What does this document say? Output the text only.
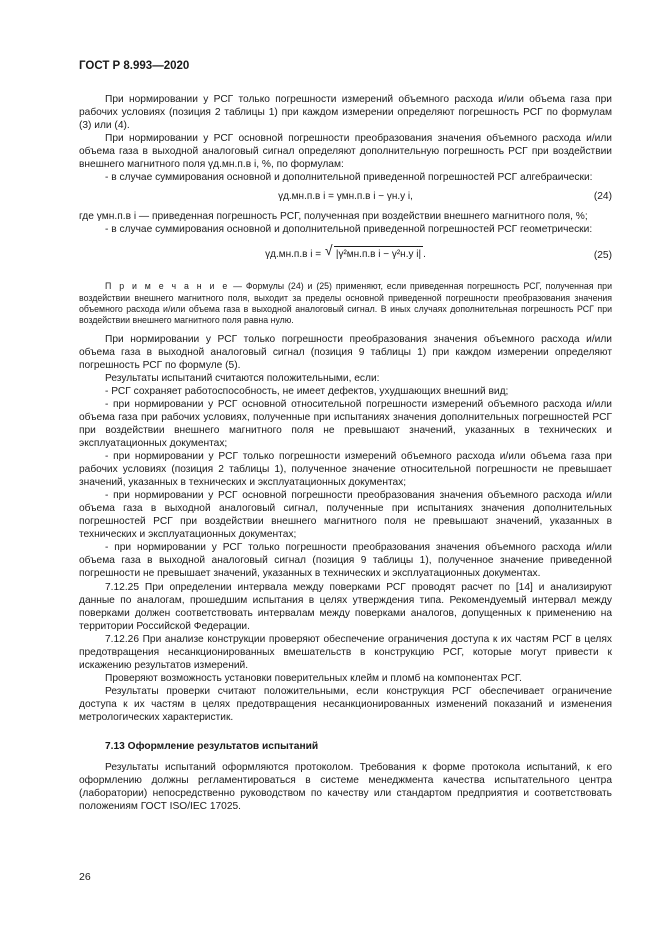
ГОСТ Р 8.993—2020

При нормировании у РСГ только погрешности измерений объемного расхода и/или объема газа при рабочих условиях (позиция 2 таблицы 1) при каждом измерении определяют погрешность РСГ по формулам (3) или (4).

При нормировании у РСГ основной погрешности преобразования значения объемного расхода и/или объема газа в выходной аналоговый сигнал определяют дополнительную погрешность РСГ при воздействии внешнего магнитного поля γд.мн.п.в i, %, по формулам:

- в случае суммирования основной и дополнительной приведенной погрешностей РСГ алгебраически:

γд.мн.п.в i = γмн.п.в i − γн.у i,	(24)

где γмн.п.в i — приведенная погрешность РСГ, полученная при воздействии внешнего магнитного поля, %;

- в случае суммирования основной и дополнительной приведенной погрешностей РСГ геометрически:

γд.мн.п.в i = √ |γ²мн.п.в i − γ²н.у i| .	(25)

П р и м е ч а н и е — Формулы (24) и (25) применяют, если приведенная погрешность РСГ, полученная при воздействии внешнего магнитного поля, выходит за пределы основной приведенной погрешности преобразования значения объемного расхода и/или объема газа в выходной аналоговый сигнал. В иных случаях дополнительная погрешность РСГ при воздействии внешнего магнитного поля равна нулю.

При нормировании у РСГ только погрешности преобразования значения объемного расхода и/или объема газа в выходной аналоговый сигнал (позиция 9 таблицы 1) при каждом измерении определяют погрешность РСГ по формуле (5).

Результаты испытаний считаются положительными, если:

- РСГ сохраняет работоспособность, не имеет дефектов, ухудшающих внешний вид;

- при нормировании у РСГ основной относительной погрешности измерений объемного расхода и/или объема газа при рабочих условиях, полученные при испытаниях значения дополнительных погрешностей РСГ при воздействии внешнего магнитного поля не превышают значений, указанных в технических и эксплуатационных документах;

- при нормировании у РСГ только погрешности измерений объемного расхода и/или объема газа при рабочих условиях (позиция 2 таблицы 1), полученное значение относительной погрешности не превышает значений, указанных в технических и эксплуатационных документах;

- при нормировании у РСГ основной погрешности преобразования значения объемного расхода и/или объема газа в выходной аналоговый сигнал, полученные при испытаниях значения дополнительных погрешностей РСГ при воздействии внешнего магнитного поля не превышают значений, указанных в технических и эксплуатационных документах;

- при нормировании у РСГ только погрешности преобразования значения объемного расхода и/или объема газа в выходной аналоговый сигнал (позиция 9 таблицы 1), полученное значение приведенной погрешности не превышает значений, указанных в технических и эксплуатационных документах.

7.12.25 При определении интервала между поверками РСГ проводят расчет по [14] и анализируют данные по аналогам, прошедшим испытания в целях утверждения типа. Рекомендуемый интервал между поверками должен соответствовать интервалам между поверками аналогов, допущенных к применению на территории Российской Федерации.

7.12.26 При анализе конструкции проверяют обеспечение ограничения доступа к их частям РСГ в целях предотвращения несанкционированных вмешательств в конструкцию РСГ, которые могут привести к искажению результатов измерений.

Проверяют возможность установки поверительных клейм и пломб на компонентах РСГ.

Результаты проверки считают положительными, если конструкция РСГ обеспечивает ограничение доступа к их частям в целях предотвращения несанкционированных изменений показаний и изменения метрологических характеристик.

7.13 Оформление результатов испытаний

Результаты испытаний оформляются протоколом. Требования к форме протокола испытаний, к его оформлению должны регламентироваться в системе менеджмента качества испытательного центра (лаборатории) непосредственно руководством по качеству или стандартом предприятия и соответствовать положениям ГОСТ ISO/IEC 17025.

26
